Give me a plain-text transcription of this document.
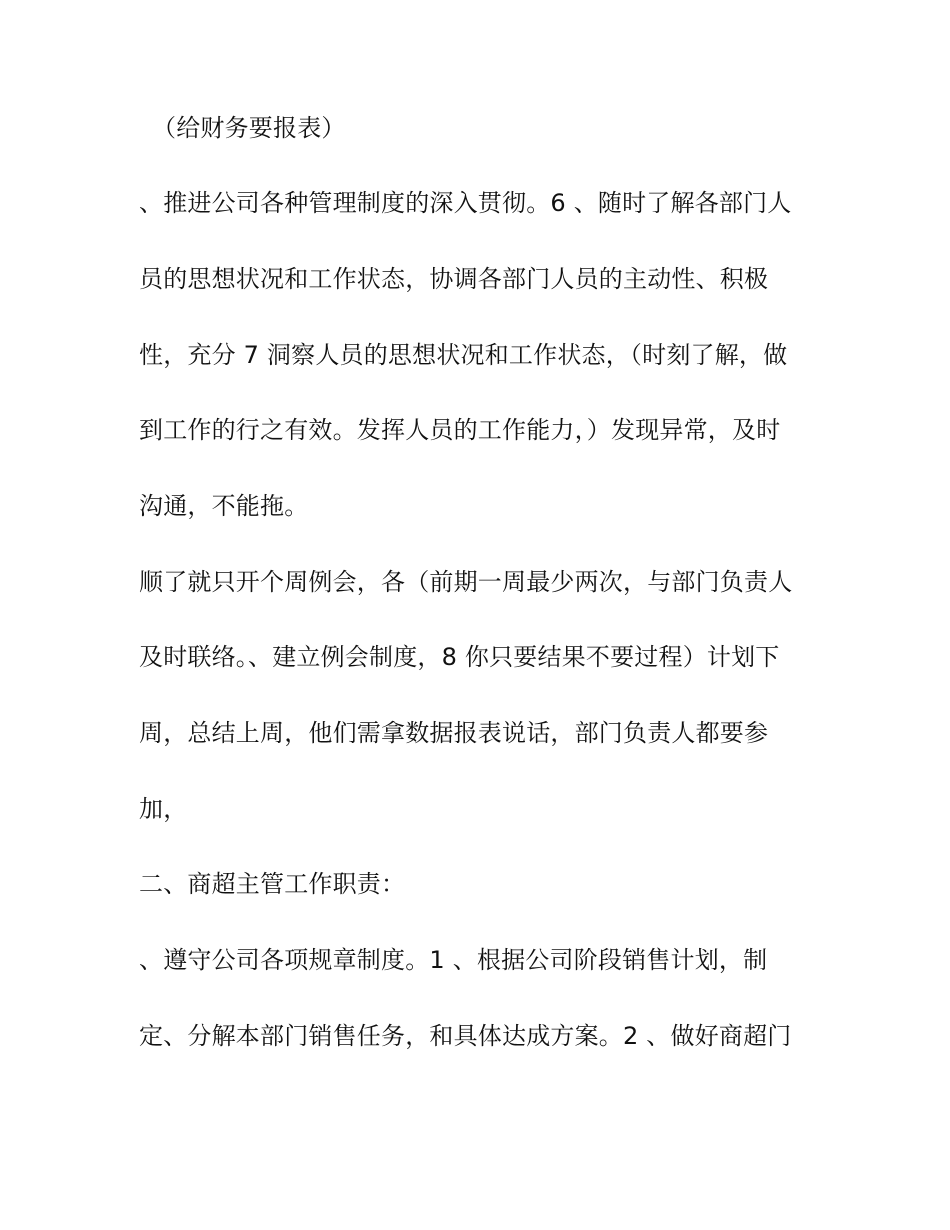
（给财务要报表）
、推进公司各种管理制度的深入贯彻。6 、随时了解各部门人
员的思想状况和工作状态，协调各部门人员的主动性、积极
性，充分 7 洞察人员的思想状况和工作状态，（时刻了解，做
到工作的行之有效。发挥人员的工作能力，）发现异常，及时
沟通，不能拖。
顺了就只开个周例会，各（前期一周最少两次，与部门负责人
及时联络。、建立例会制度，8 你只要结果不要过程）计划下
周，总结上周，他们需拿数据报表说话，部门负责人都要参
加，
二、商超主管工作职责：
、遵守公司各项规章制度。1 、根据公司阶段销售计划，制
定、分解本部门销售任务，和具体达成方案。2 、做好商超门
